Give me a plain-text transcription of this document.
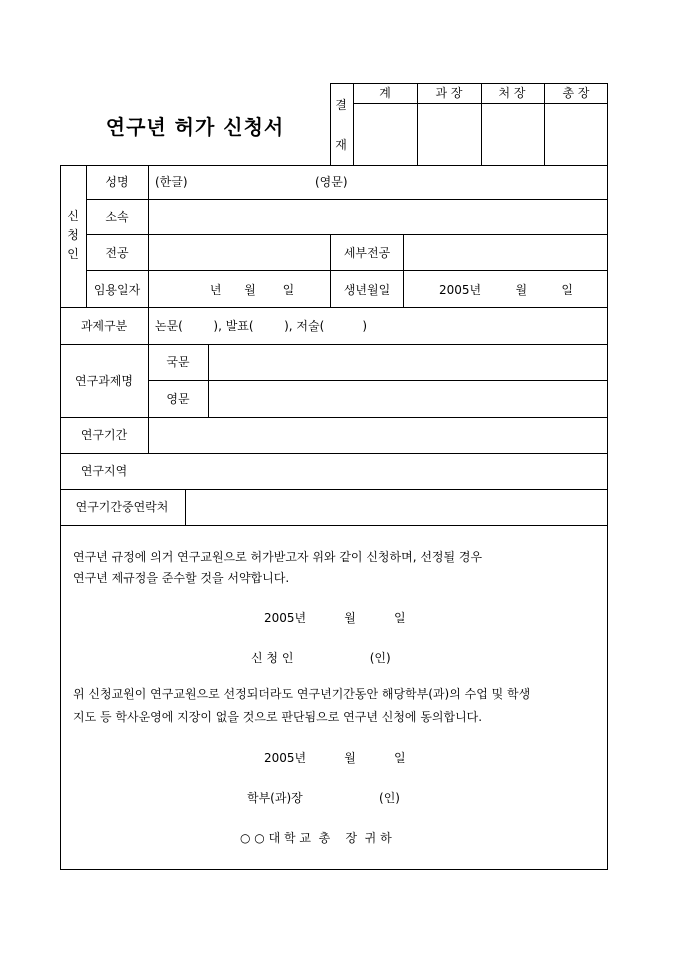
연구년 허가 신청서
결
재
계	과 장	처 장	총 장
신
청
인
성명 (한글)	(영문)
소속
전공	세부전공
임용일자	년      월       일	생년월일	2005년         월         일
과제구분 논문(        ), 발표(        ), 저술(          )
연구과제명
국문
영문
연구기간
연구지역
연구기간중연락처
연구년 규정에 의거 연구교원으로 허가받고자 위와 같이 신청하며, 선정될 경우
연구년 제규정을 준수할 것을 서약합니다.
2005년          월          일
신 청 인                    (인)
위 신청교원이 연구교원으로 선정되더라도 연구년기간동안 해당학부(과)의 수업 및 학생
지도 등 학사운영에 지장이 없을 것으로 판단됨으로 연구년 신청에 동의합니다.
2005년          월          일
학부(과)장                    (인)
○ ○ 대 학 교  총    장  귀 하
